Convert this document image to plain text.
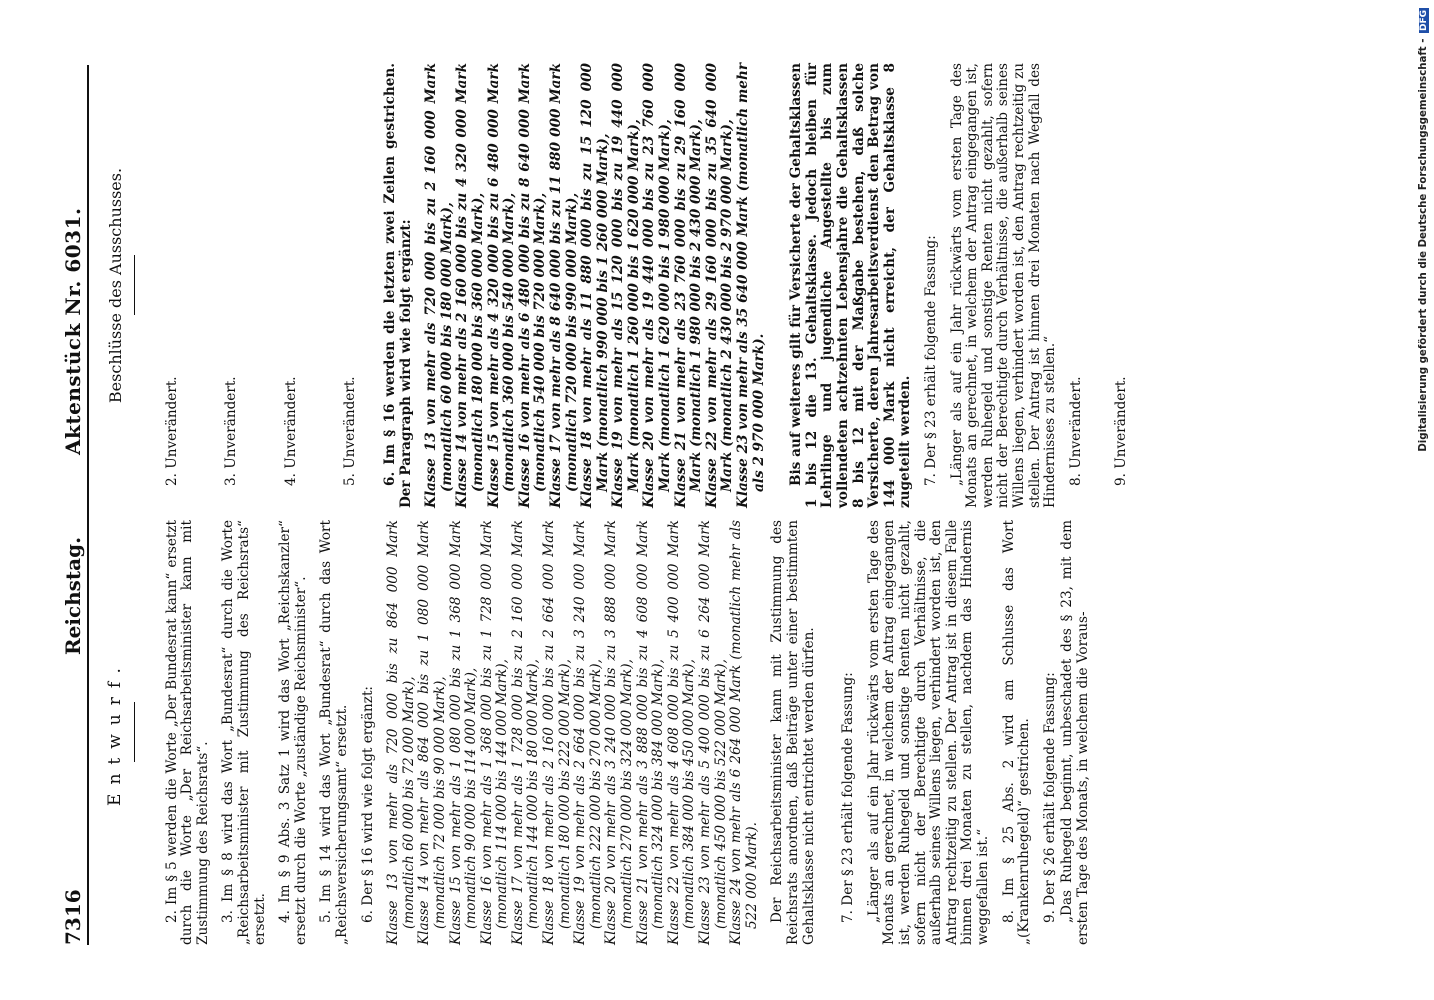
7316
Reichstag.
Aktenstück Nr. 6031.
Entwurf.	2. Im § 5 werden die Worte „Der Bundesrat kann“ ersetzt durch die Worte „Der Reichsarbeitsminister kann mit Zustimmung des Reichsrats“. 3. Im § 8 wird das Wort „Bundesrat“ durch die Worte „Reichsarbeitsminister mit Zustimmung des Reichsrats“ ersetzt. 4. Im § 9 Abs. 3 Satz 1 wird das Wort „Reichskanzler“ ersetzt durch die Worte „zuständige Reichsminister“. 5. Im § 14 wird das Wort „Bundesrat“ durch das Wort „Reichsversicherungsamt“ ersetzt. 6. Der § 16 wird wie folgt ergänzt: Klasse 13 von mehr als 720 000 bis zu 864 000 Mark (monatlich 60 000 bis 72 000 Mark), Klasse 14 von mehr als 864 000 bis zu 1 080 000 Mark (monatlich 72 000 bis 90 000 Mark), Klasse 15 von mehr als 1 080 000 bis zu 1 368 000 Mark (monatlich 90 000 bis 114 000 Mark), Klasse 16 von mehr als 1 368 000 bis zu 1 728 000 Mark (monatlich 114 000 bis 144 000 Mark), Klasse 17 von mehr als 1 728 000 bis zu 2 160 000 Mark (monatlich 144 000 bis 180 000 Mark), Klasse 18 von mehr als 2 160 000 bis zu 2 664 000 Mark (monatlich 180 000 bis 222 000 Mark), Klasse 19 von mehr als 2 664 000 bis zu 3 240 000 Mark (monatlich 222 000 bis 270 000 Mark), Klasse 20 von mehr als 3 240 000 bis zu 3 888 000 Mark (monatlich 270 000 bis 324 000 Mark), Klasse 21 von mehr als 3 888 000 bis zu 4 608 000 Mark (monatlich 324 000 bis 384 000 Mark), Klasse 22 von mehr als 4 608 000 bis zu 5 400 000 Mark (monatlich 384 000 bis 450 000 Mark), Klasse 23 von mehr als 5 400 000 bis zu 6 264 000 Mark (monatlich 450 000 bis 522 000 Mark), Klasse 24 von mehr als 6 264 000 Mark (monatlich mehr als 522 000 Mark). Der Reichsarbeitsminister kann mit Zustimmung des Reichsrats anordnen, daß Beiträge unter einer bestimmten Gehaltsklasse nicht entrichtet werden dürfen. 7. Der § 23 erhält folgende Fassung: „Länger als auf ein Jahr rückwärts vom ersten Tage des Monats an gerechnet, in welchem der Antrag eingegangen ist, werden Ruhegeld und sonstige Renten nicht gezahlt, sofern nicht der Berechtigte durch Verhältnisse, die außerhalb seines Willens liegen, verhindert worden ist, den Antrag rechtzeitig zu stellen. Der Antrag ist in diesem Falle binnen drei Monaten zu stellen, nachdem das Hindernis weggefallen ist.“ 8. Im § 25 Abs. 2 wird am Schlusse das Wort „(Krankenruhegeld)“ gestrichen. 9. Der § 26 erhält folgende Fassung: „Das Ruhegeld beginnt, unbeschadet des § 23, mit dem ersten Tage des Monats, in welchem die Voraus-

Beschlüsse des Ausschusses.

2. Unverändert.	3. Unverändert.	4. Unverändert.	5. Unverändert. 6. Im § 16 werden die letzten zwei Zeilen gestrichen. Der Paragraph wird wie folgt ergänzt: Klasse 13 von mehr als 720 000 bis zu 2 160 000 Mark (monatlich 60 000 bis 180 000 Mark), Klasse 14 von mehr als 2 160 000 bis zu 4 320 000 Mark (monatlich 180 000 bis 360 000 Mark), Klasse 15 von mehr als 4 320 000 bis zu 6 480 000 Mark (monatlich 360 000 bis 540 000 Mark), Klasse 16 von mehr als 6 480 000 bis zu 8 640 000 Mark (monatlich 540 000 bis 720 000 Mark), Klasse 17 von mehr als 8 640 000 bis zu 11 880 000 Mark (monatlich 720 000 bis 990 000 Mark), Klasse 18 von mehr als 11 880 000 bis zu 15 120 000 Mark (monatlich 990 000 bis 1 260 000 Mark), Klasse 19 von mehr als 15 120 000 bis zu 19 440 000 Mark (monatlich 1 260 000 bis 1 620 000 Mark), Klasse 20 von mehr als 19 440 000 bis zu 23 760 000 Mark (monatlich 1 620 000 bis 1 980 000 Mark), Klasse 21 von mehr als 23 760 000 bis zu 29 160 000 Mark (monatlich 1 980 000 bis 2 430 000 Mark), Klasse 22 von mehr als 29 160 000 bis zu 35 640 000 Mark (monatlich 2 430 000 bis 2 970 000 Mark), Klasse 23 von mehr als 35 640 000 Mark (monatlich mehr als 2 970 000 Mark). Bis auf weiteres gilt für Versicherte der Gehaltsklassen 1 bis 12 die 13. Gehaltsklasse. Jedoch bleiben für Lehrlinge und jugendliche Angestellte bis zum vollendeten achtzehnten Lebensjahre die Gehaltsklassen 8 bis 12 mit der Maßgabe bestehen, daß solche Versicherte, deren Jahresarbeitsverdienst den Betrag von 144 000 Mark nicht erreicht, der Gehaltsklasse 8 zugeteilt werden. 7. Der § 23 erhält folgende Fassung: „Länger als auf ein Jahr rückwärts vom ersten Tage des Monats an gerechnet, in welchem der Antrag eingegangen ist, werden Ruhegeld und sonstige Renten nicht gezahlt, sofern nicht der Berechtigte durch Verhältnisse, die außerhalb seines Willens liegen, verhindert worden ist, den Antrag rechtzeitig zu stellen. Der Antrag ist hinnen drei Monaten nach Wegfall des Hindernisses zu stellen.“ 8. Unverändert. 9. Unverändert.	Digitalisierung gefördert durch die Deutsche Forschungsgemeinschaft - DFG
